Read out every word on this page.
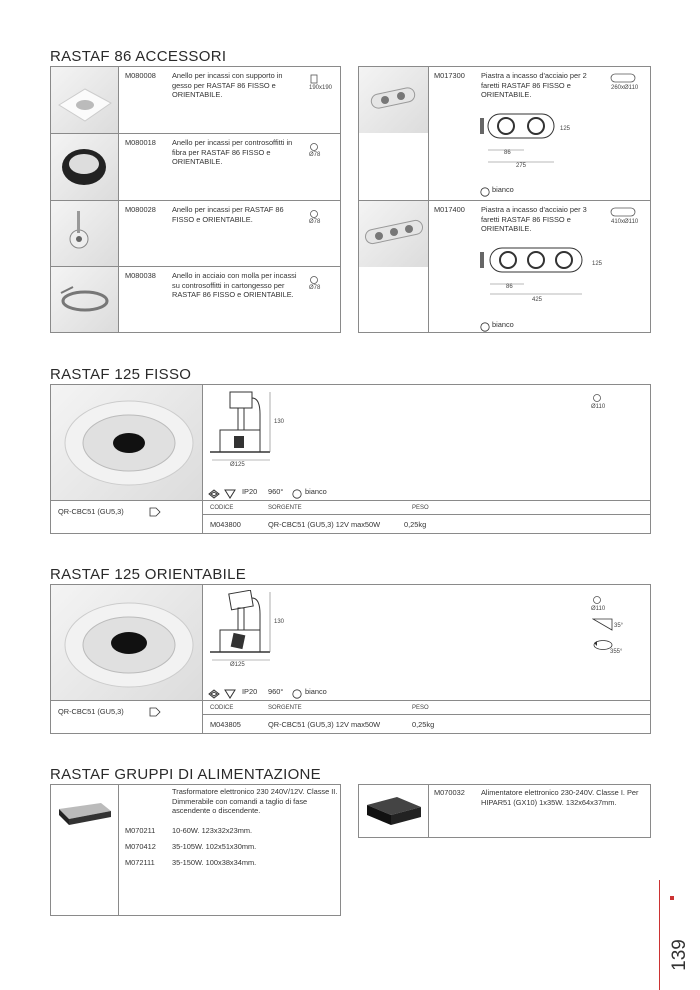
RASTAF 86 ACCESSORI
M080008 Anello per incassi con supporto in gesso per RASTAF 86 FISSO e ORIENTABILE.
190x190
M080018 Anello per incassi per controsoffitti in fibra per RASTAF 86 FISSO e ORIENTABILE.
Ø78
M080028 Anello per incassi per RASTAF 86 FISSO e ORIENTABILE.	Ø78
M080038 Anello in acciaio con molla per incassi su controsoffitti in cartongesso per RASTAF 86 FISSO e ORIENTABILE.
Ø78
M017300 Piastra a incasso d'acciaio per 2 faretti RASTAF 86 FISSO e ORIENTABILE.
260xØ110
125
86
275
bianco
M017400 Piastra a incasso d'acciaio per 3 faretti RASTAF 86 FISSO e ORIENTABILE.
410xØ110
125
86
425
bianco
RASTAF 125 FISSO
130
Ø125
Ø110
IP20 960°	bianco
QR-CBC51 (GU5,3)	CODICE	SORGENTE	PESO
M043800	QR-CBC51 (GU5,3) 12V max50W	0,25kg
RASTAF 125 ORIENTABILE
130
Ø125
Ø110
35°
355°
IP20 960°	bianco
QR-CBC51 (GU5,3)	CODICE	SORGENTE	PESO
M043805	QR-CBC51 (GU5,3) 12V max50W	0,25kg
RASTAF GRUPPI DI ALIMENTAZIONE
Trasformatore elettronico 230 240V/12V. Classe II. Dimmerabile con comandi a taglio di fase ascendente o discendente.
M070211 10-60W. 123x32x23mm.
M070412 35-105W. 102x51x30mm.
M072111 35-150W. 100x38x34mm.
M070032 Alimentatore elettronico 230-240V. Classe I. Per HIPAR51 (GX10) 1x35W. 132x64x37mm.
139
